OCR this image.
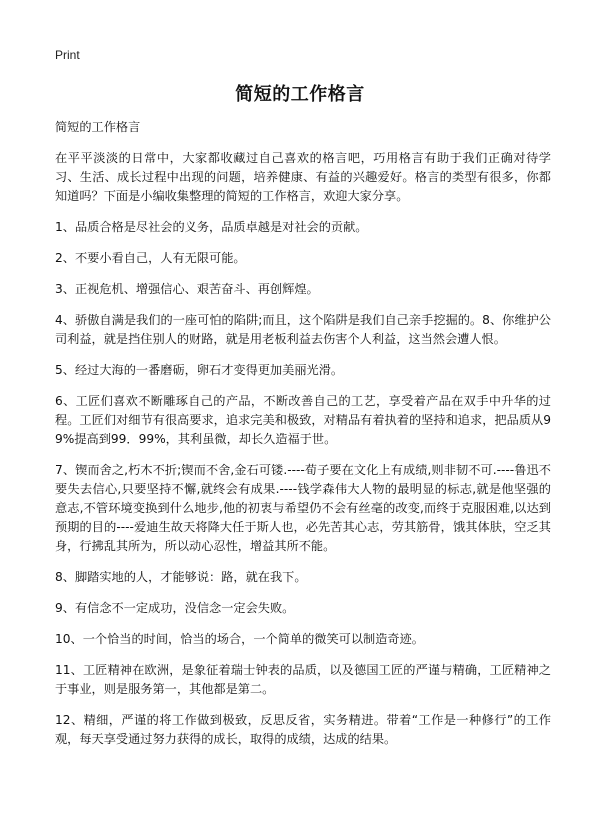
Print
简短的工作格言
简短的工作格言
在平平淡淡的日常中，大家都收藏过自己喜欢的格言吧，巧用格言有助于我们正确对待学习、生活、成长过程中出现的问题，培养健康、有益的兴趣爱好。格言的类型有很多，你都知道吗？下面是小编收集整理的简短的工作格言，欢迎大家分享。
1、品质合格是尽社会的义务，品质卓越是对社会的贡献。
2、不要小看自己，人有无限可能。
3、正视危机、增强信心、艰苦奋斗、再创辉煌。
4、骄傲自满是我们的一座可怕的陷阱;而且，这个陷阱是我们自己亲手挖掘的。8、你维护公司利益，就是挡住别人的财路，就是用老板利益去伤害个人利益，这当然会遭人恨。
5、经过大海的一番磨砺，卵石才变得更加美丽光滑。
6、工匠们喜欢不断雕琢自己的产品，不断改善自己的工艺，享受着产品在双手中升华的过程。工匠们对细节有很高要求，追求完美和极致，对精品有着执着的坚持和追求，把品质从99%提高到99．99%，其利虽微，却长久造福于世。
7、锲而舍之,朽木不折;锲而不舍,金石可镂.----荀子要在文化上有成绩,则非韧不可.----鲁迅不要失去信心,只要坚持不懈,就终会有成果.----钱学森伟大人物的最明显的标志,就是他坚强的意志,不管环境变换到什么地步,他的初衷与希望仍不会有丝毫的改变,而终于克服困难,以达到预期的目的----爱迪生故天将降大任于斯人也，必先苦其心志，劳其筋骨，饿其体肤，空乏其身，行拂乱其所为，所以动心忍性，增益其所不能。
8、脚踏实地的人，才能够说：路，就在我下。
9、有信念不一定成功，没信念一定会失败。
10、一个恰当的时间，恰当的场合，一个简单的微笑可以制造奇迹。
11、工匠精神在欧洲，是象征着瑞士钟表的品质，以及德国工匠的严谨与精确，工匠精神之于事业，则是服务第一，其他都是第二。
12、精细，严谨的将工作做到极致，反思反省，实务精进。带着“工作是一种修行”的工作观，每天享受通过努力获得的成长，取得的成绩，达成的结果。
